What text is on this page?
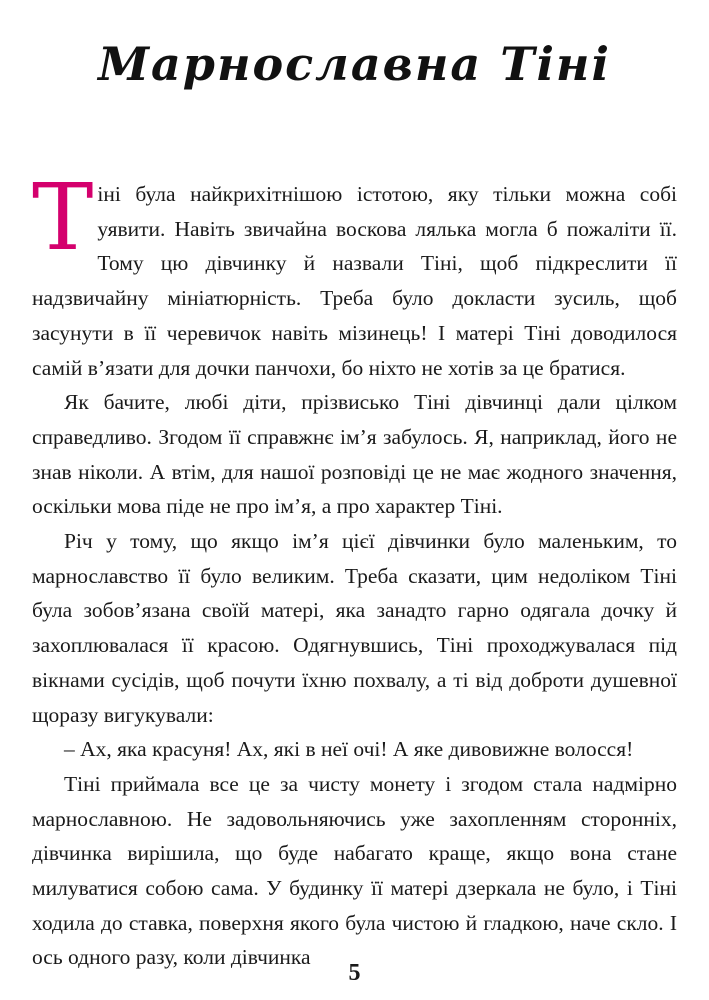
Марнославна Тіні

Тіні була найкрихітнішою істотою, яку тільки можна собі уявити. Навіть звичайна воскова лялька могла б пожаліти її. Тому цю дівчинку й назвали Тіні, щоб підкреслити її надзвичайну мініатюрність. Треба було докласти зусиль, щоб засунути в її черевичок навіть мізинець! І матері Тіні доводилося самій в’язати для дочки панчохи, бо ніхто не хотів за це братися.

Як бачите, любі діти, прізвисько Тіні дівчинці дали цілком справедливо. Згодом її справжнє ім’я забулось. Я, наприклад, його не знав ніколи. А втім, для нашої розповіді це не має жодного значення, оскільки мова піде не про ім’я, а про характер Тіні.

Річ у тому, що якщо ім’я цієї дівчинки було маленьким, то марнославство її було великим. Треба сказати, цим недоліком Тіні була зобов’язана своїй матері, яка занадто гарно одягала дочку й захоплювалася її красою. Одягнувшись, Тіні проходжувалася під вікнами сусідів, щоб почути їхню похвалу, а ті від доброти душевної щоразу вигукували:

– Ах, яка красуня! Ах, які в неї очі! А яке дивовижне волосся!

Тіні приймала все це за чисту монету і згодом стала надмірно марнославною. Не задовольняючись уже захопленням сторонніх, дівчинка вирішила, що буде набагато краще, якщо вона стане милуватися собою сама. У будинку її матері дзеркала не було, і Тіні ходила до ставка, поверхня якого була чистою й гладкою, наче скло. І ось одного разу, коли дівчинка

5
